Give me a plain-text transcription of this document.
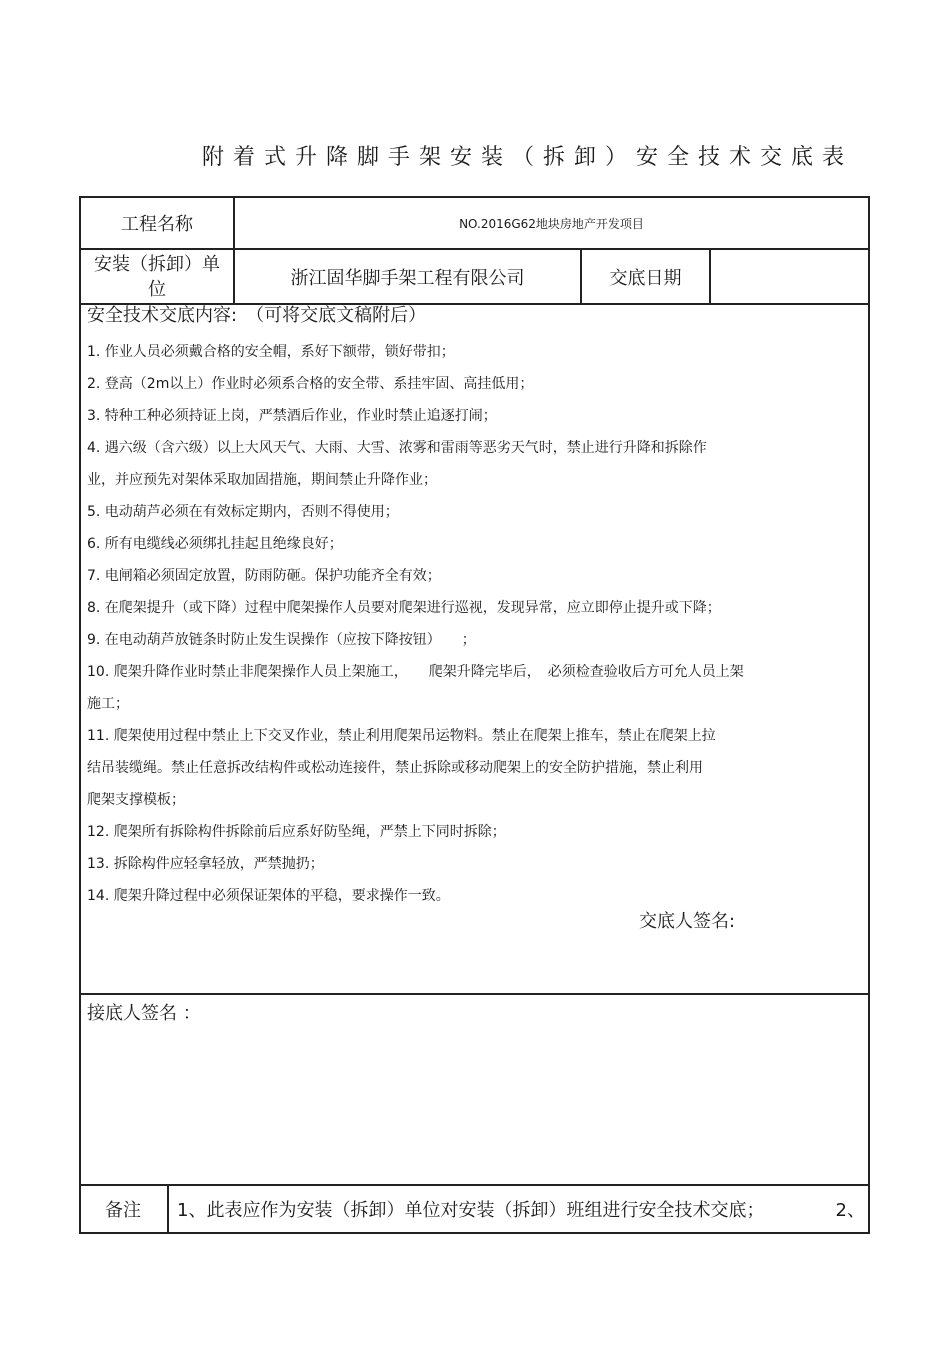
附着式升降脚手架安装（拆卸）安全技术交底表
工程名称	NO.2016G62地块房地产开发项目
安装（拆卸）单
位
浙江固华脚手架工程有限公司	交底日期
安全技术交底内容:　（可将交底文稿附后）
1. 作业人员必须戴合格的安全帽，系好下额带，锁好带扣；
2. 登高（2m以上）作业时必须系合格的安全带、系挂牢固、高挂低用；
3. 特种工种必须持证上岗，严禁酒后作业，作业时禁止追逐打闹；
4. 遇六级（含六级）以上大风天气、大雨、大雪、浓雾和雷雨等恶劣天气时，禁止进行升降和拆除作
业，并应预先对架体采取加固措施，期间禁止升降作业；
5. 电动葫芦必须在有效标定期内，否则不得使用；
6. 所有电缆线必须绑扎挂起且绝缘良好；
7. 电闸箱必须固定放置，防雨防砸。保护功能齐全有效；
8. 在爬架提升（或下降）过程中爬架操作人员要对爬架进行巡视，发现异常，应立即停止提升或下降；
9. 在电动葫芦放链条时防止发生误操作（应按下降按钮）　　；
10. 爬架升降作业时禁止非爬架操作人员上架施工，　　爬架升降完毕后，　必须检查验收后方可允人员上架
施工；
11. 爬架使用过程中禁止上下交叉作业，禁止利用爬架吊运物料。禁止在爬架上推车，禁止在爬架上拉
结吊装缆绳。禁止任意拆改结构件或松动连接件，禁止拆除或移动爬架上的安全防护措施，禁止利用
爬架支撑模板；
12. 爬架所有拆除构件拆除前后应系好防坠绳，严禁上下同时拆除；
13. 拆除构件应轻拿轻放，严禁抛扔；
14. 爬架升降过程中必须保证架体的平稳，要求操作一致。
交底人签名:
接底人签名 ：
备注	1、此表应作为安装（拆卸）单位对安装（拆卸）班组进行安全技术交底；	2、
